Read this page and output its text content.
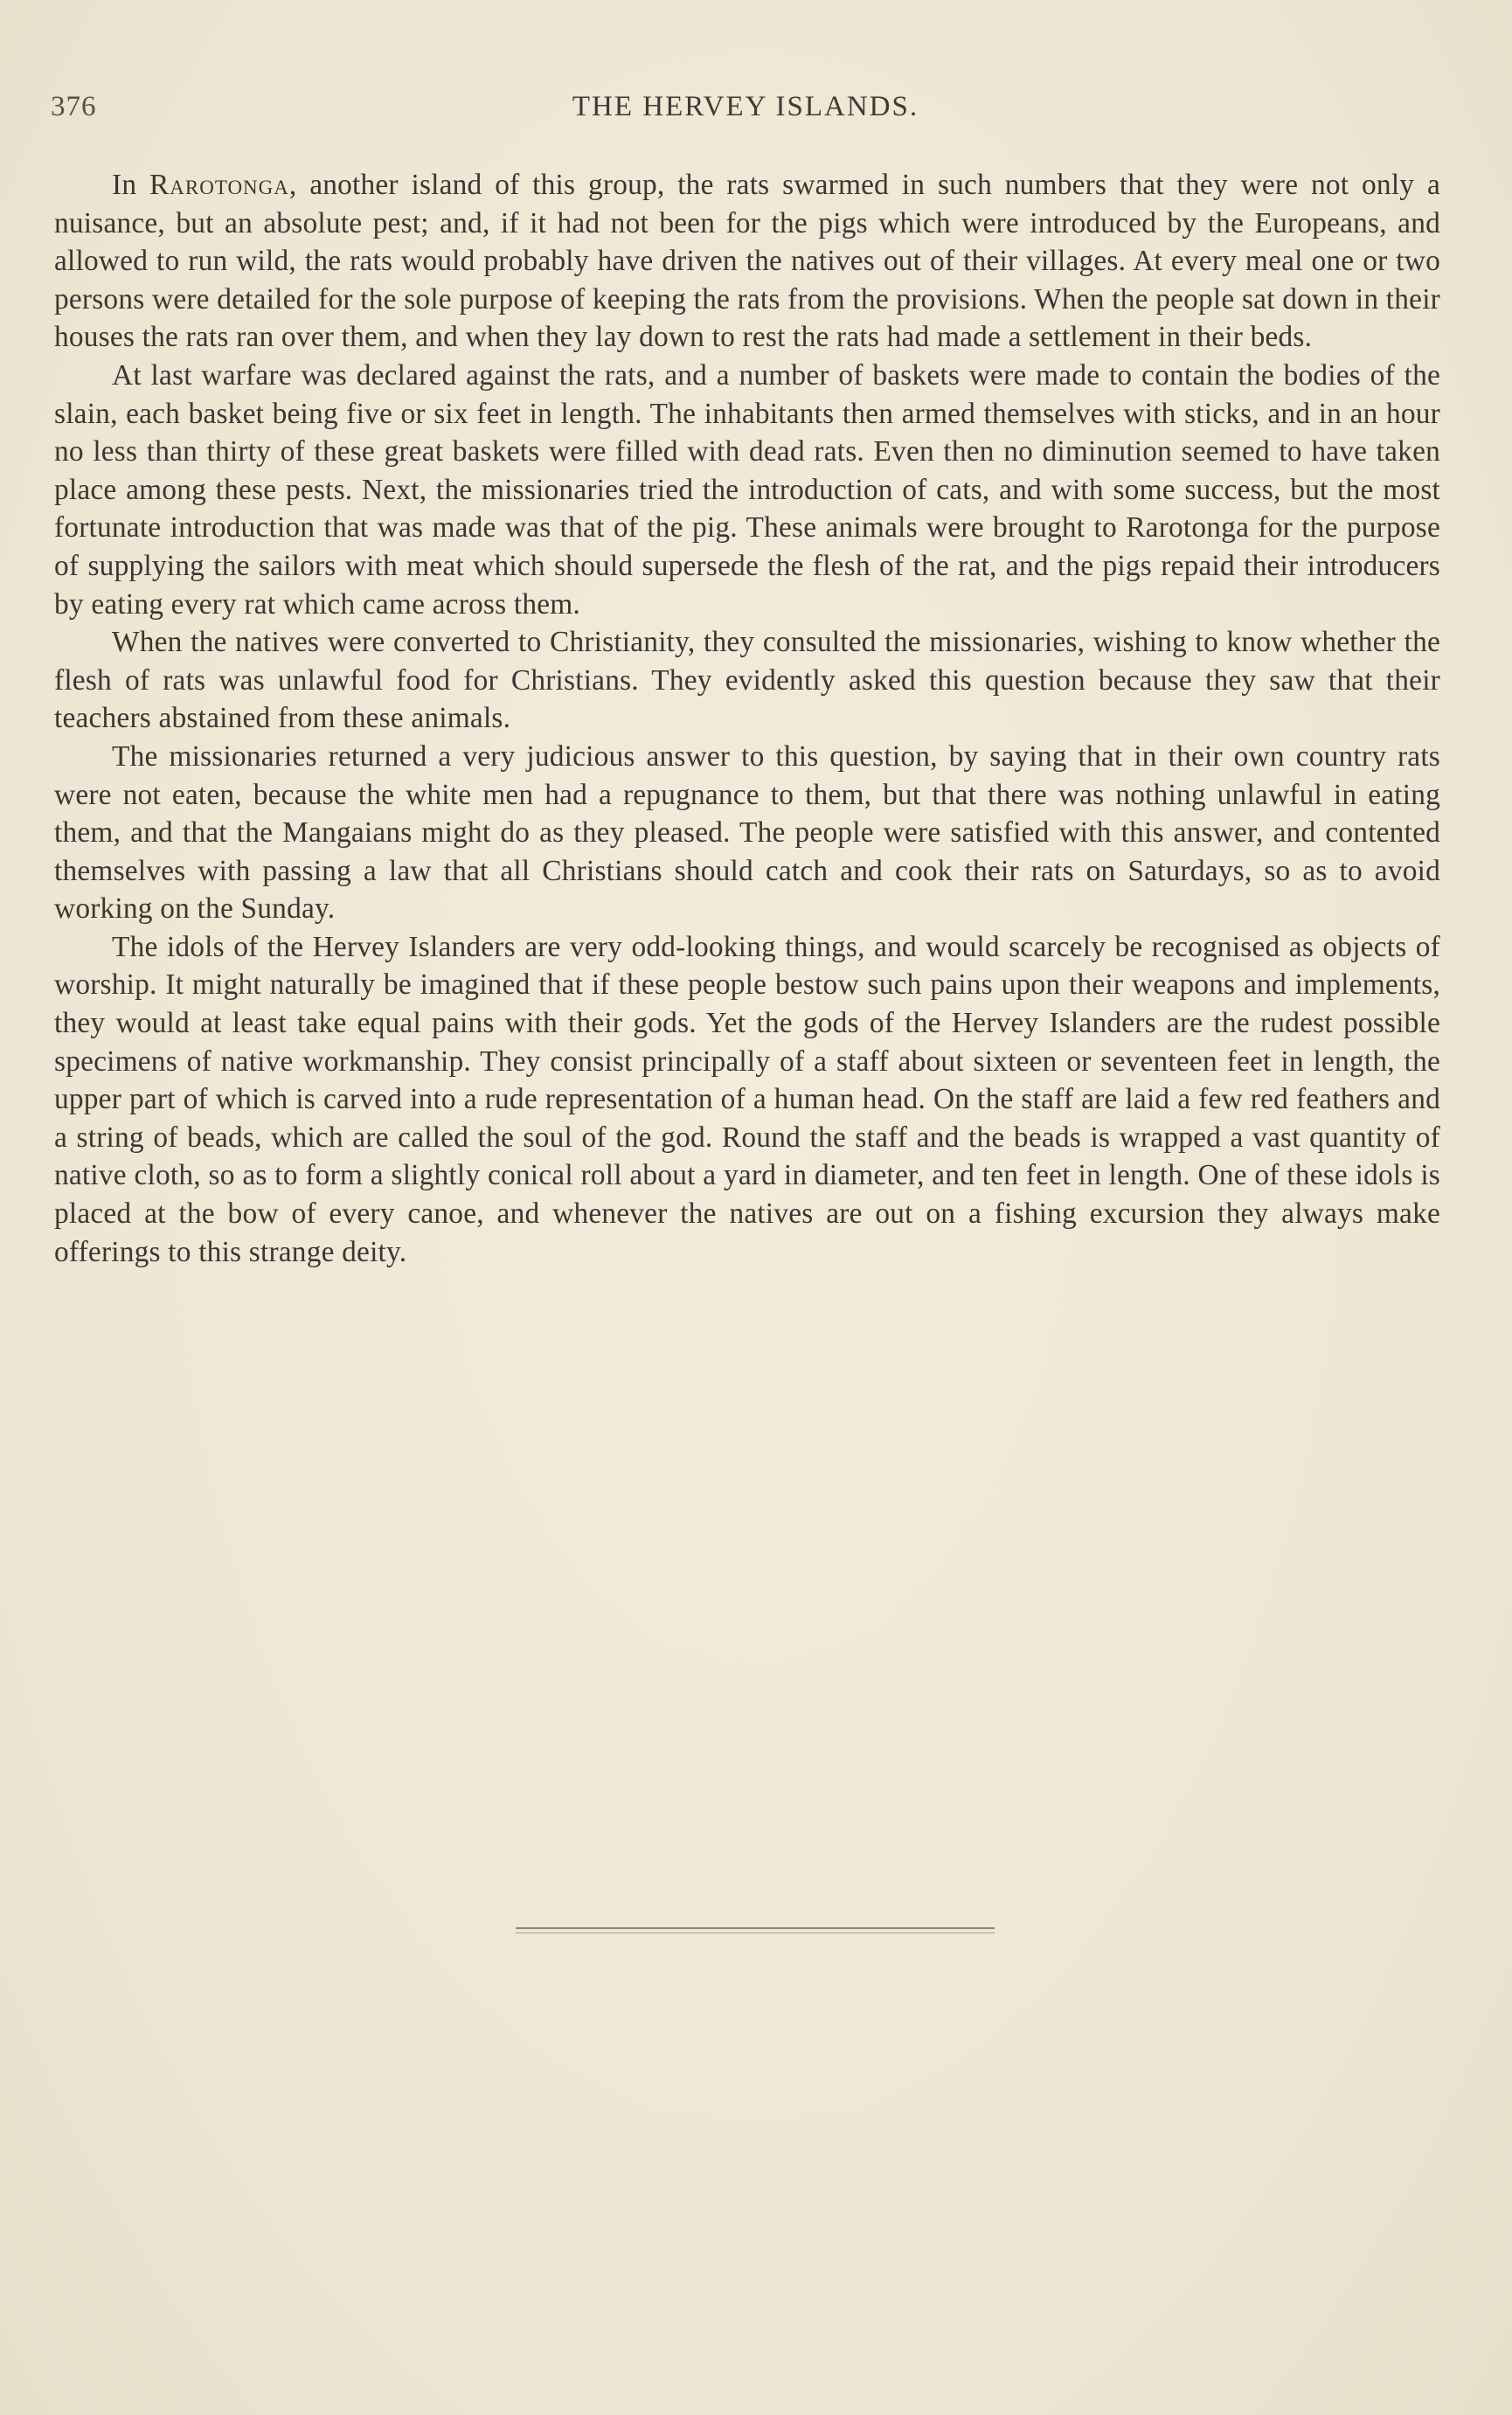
376	THE HERVEY ISLANDS.

In Rarotonga, another island of this group, the rats swarmed in such numbers that they were not only a nuisance, but an absolute pest; and, if it had not been for the pigs which were introduced by the Europeans, and allowed to run wild, the rats would probably have driven the natives out of their villages. At every meal one or two persons were detailed for the sole purpose of keeping the rats from the provisions. When the people sat down in their houses the rats ran over them, and when they lay down to rest the rats had made a settlement in their beds.

At last warfare was declared against the rats, and a number of baskets were made to contain the bodies of the slain, each basket being five or six feet in length. The inhabitants then armed themselves with sticks, and in an hour no less than thirty of these great baskets were filled with dead rats. Even then no diminution seemed to have taken place among these pests. Next, the missionaries tried the introduction of cats, and with some success, but the most fortunate introduction that was made was that of the pig. These animals were brought to Rarotonga for the purpose of supplying the sailors with meat which should supersede the flesh of the rat, and the pigs repaid their introducers by eating every rat which came across them.

When the natives were converted to Christianity, they consulted the missionaries, wishing to know whether the flesh of rats was unlawful food for Christians. They evidently asked this question because they saw that their teachers abstained from these animals.

The missionaries returned a very judicious answer to this question, by saying that in their own country rats were not eaten, because the white men had a repugnance to them, but that there was nothing unlawful in eating them, and that the Mangaians might do as they pleased. The people were satisfied with this answer, and contented themselves with passing a law that all Christians should catch and cook their rats on Saturdays, so as to avoid working on the Sunday.

The idols of the Hervey Islanders are very odd-looking things, and would scarcely be recognised as objects of worship. It might naturally be imagined that if these people bestow such pains upon their weapons and implements, they would at least take equal pains with their gods. Yet the gods of the Hervey Islanders are the rudest possible specimens of native workmanship. They consist principally of a staff about sixteen or seventeen feet in length, the upper part of which is carved into a rude representation of a human head. On the staff are laid a few red feathers and a string of beads, which are called the soul of the god. Round the staff and the beads is wrapped a vast quantity of native cloth, so as to form a slightly conical roll about a yard in diameter, and ten feet in length. One of these idols is placed at the bow of every canoe, and whenever the natives are out on a fishing excursion they always make offerings to this strange deity.
